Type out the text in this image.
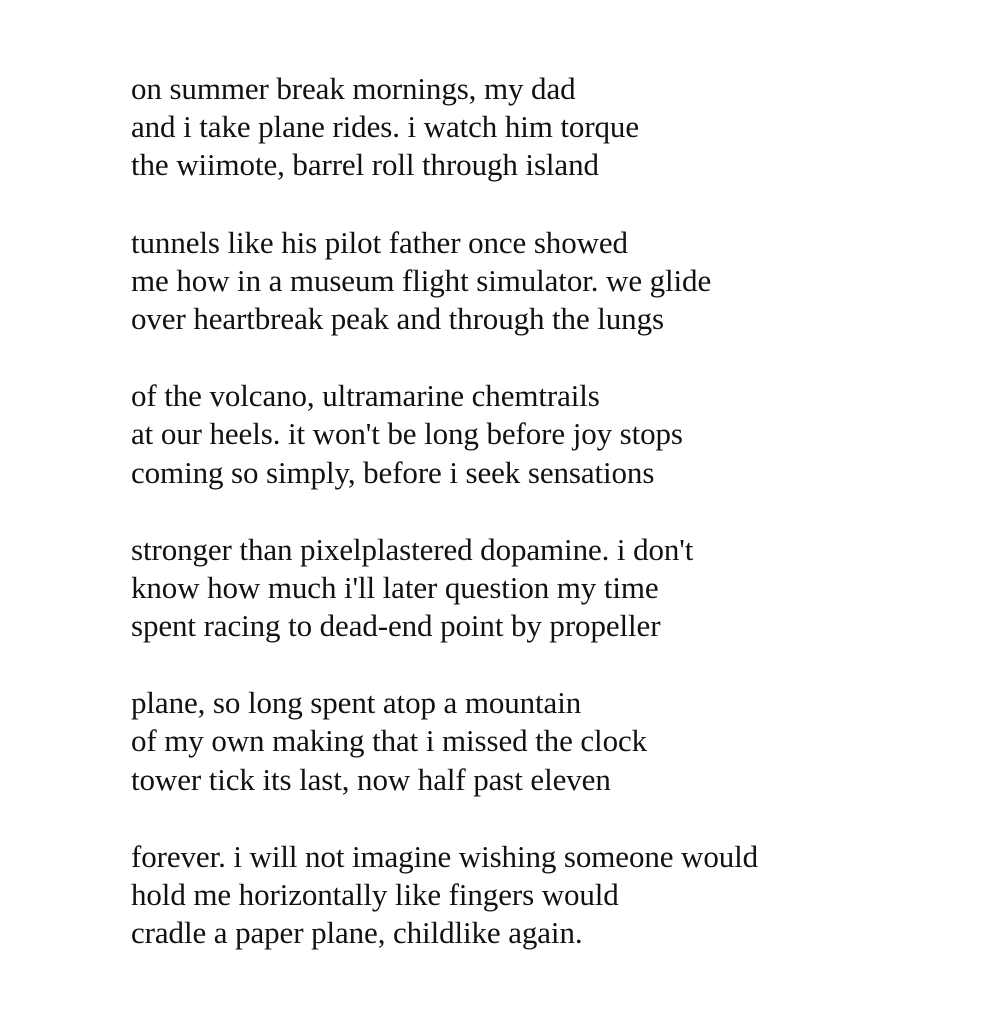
on summer break mornings, my dad
and i take plane rides. i watch him torque
the wiimote, barrel roll through island
tunnels like his pilot father once showed
me how in a museum flight simulator. we glide
over heartbreak peak and through the lungs
of the volcano, ultramarine chemtrails
at our heels. it won't be long before joy stops
coming so simply, before i seek sensations
stronger than pixelplastered dopamine. i don't
know how much i'll later question my time
spent racing to dead-end point by propeller
plane, so long spent atop a mountain
of my own making that i missed the clock
tower tick its last, now half past eleven
forever. i will not imagine wishing someone would
hold me horizontally like fingers would
cradle a paper plane, childlike again.
